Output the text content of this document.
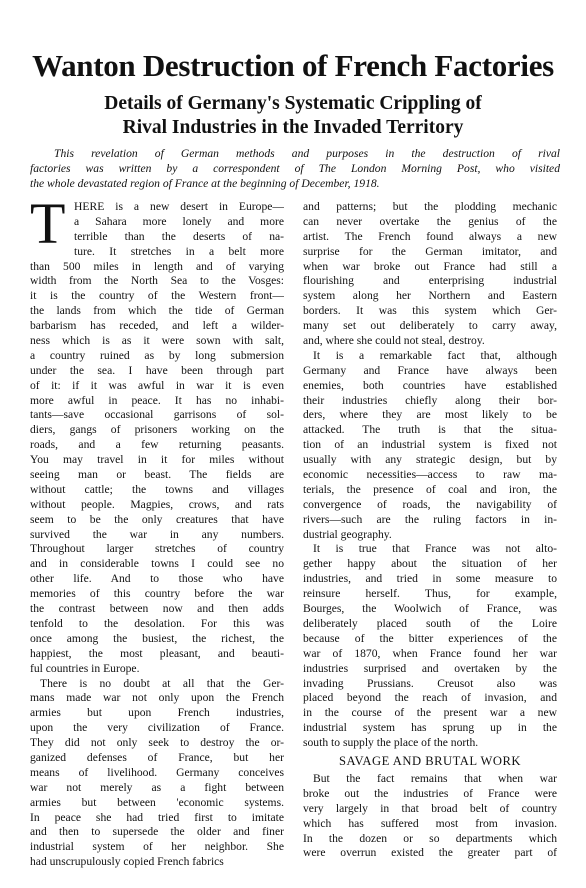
Wanton Destruction of French Factories
Details of Germany's Systematic Crippling of
Rival Industries in the Invaded Territory
This revelation of German methods and purposes in the destruction of rival
factories was written by a correspondent of The London Morning Post, who visited
the whole devastated region of France at the beginning of December, 1918.
T HERE is a new desert in Europe—
a Sahara more lonely and more
terrible than the deserts of na-
ture. It stretches in a belt more
than 500 miles in length and of varying
width from the North Sea to the Vosges:
it is the country of the Western front—
the lands from which the tide of German
barbarism has receded, and left a wilder-
ness which is as it were sown with salt,
a country ruined as by long submersion
under the sea. I have been through part
of it: if it was awful in war it is even
more awful in peace. It has no inhabi-
tants—save occasional garrisons of sol-
diers, gangs of prisoners working on the
roads, and a few returning peasants.
You may travel in it for miles without
seeing man or beast. The fields are
without cattle; the towns and villages
without people. Magpies, crows, and rats
seem to be the only creatures that have
survived the war in any numbers.
Throughout larger stretches of country
and in considerable towns I could see no
other life. And to those who have
memories of this country before the war
the contrast between now and then adds
tenfold to the desolation. For this was
once among the busiest, the richest, the
happiest, the most pleasant, and beauti-
ful countries in Europe.
There is no doubt at all that the Ger-
mans made war not only upon the French
armies but upon French industries,
upon the very civilization of France.
They did not only seek to destroy the or-
ganized defenses of France, but her
means of livelihood. Germany conceives
war not merely as a fight between
armies but between 'economic systems.
In peace she had tried first to imitate
and then to supersede the older and finer
industrial system of her neighbor. She
had unscrupulously copied French fabrics
and patterns; but the plodding mechanic
can never overtake the genius of the
artist. The French found always a new
surprise for the German imitator, and
when war broke out France had still a
flourishing and enterprising industrial
system along her Northern and Eastern
borders. It was this system which Ger-
many set out deliberately to carry away,
and, where she could not steal, destroy.
It is a remarkable fact that, although
Germany and France have always been
enemies, both countries have established
their industries chiefly along their bor-
ders, where they are most likely to be
attacked. The truth is that the situa-
tion of an industrial system is fixed not
usually with any strategic design, but by
economic necessities—access to raw ma-
terials, the presence of coal and iron, the
convergence of roads, the navigability of
rivers—such are the ruling factors in in-
dustrial geography.
It is true that France was not alto-
gether happy about the situation of her
industries, and tried in some measure to
reinsure herself. Thus, for example,
Bourges, the Woolwich of France, was
deliberately placed south of the Loire
because of the bitter experiences of the
war of 1870, when France found her war
industries surprised and overtaken by the
invading Prussians. Creusot also was
placed beyond the reach of invasion, and
in the course of the present war a new
industrial system has sprung up in the
south to supply the place of the north.
SAVAGE AND BRUTAL WORK
But the fact remains that when war
broke out the industries of France were
very largely in that broad belt of country
which has suffered most from invasion.
In the dozen or so departments which
were overrun existed the greater part of
